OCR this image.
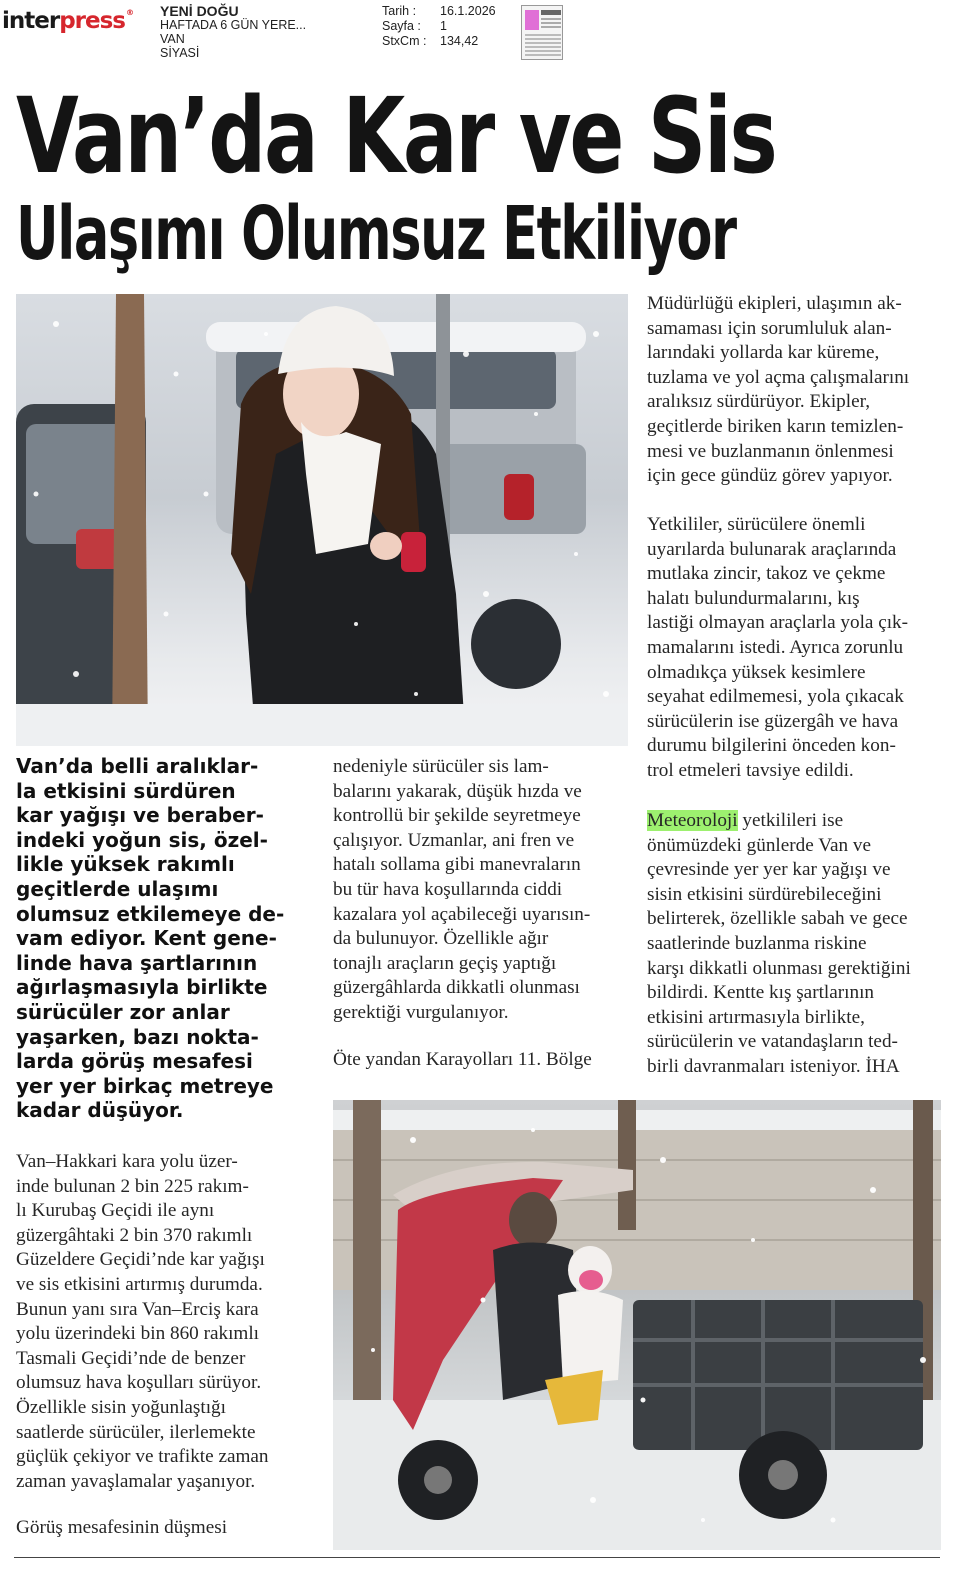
interpress® YENİ DOĞU
HAFTADA 6 GÜN YERE...
VAN
SİYASİ
Tarih :	16.1.2026
Sayfa :	1
StxCm :	134,42
Van’da Kar ve Sis
Ulaşımı Olumsuz Etkiliyor
Van’da belli aralıklar-
la etkisini sürdüren
kar yağışı ve beraber-
indeki yoğun sis, özel-
likle yüksek rakımlı
geçitlerde ulaşımı
olumsuz etkilemeye de-
vam ediyor. Kent gene-
linde hava şartlarının
ağırlaşmasıyla birlikte
sürücüler zor anlar
yaşarken, bazı nokta-
larda görüş mesafesi
yer yer birkaç metreye
kadar düşüyor.
Van–Hakkari kara yolu üzer-
inde bulunan 2 bin 225 rakım-
lı Kurubaş Geçidi ile aynı
güzergâhtaki 2 bin 370 rakımlı
Güzeldere Geçidi’nde kar yağışı
ve sis etkisini artırmış durumda.
Bunun yanı sıra Van–Erciş kara
yolu üzerindeki bin 860 rakımlı
Tasmali Geçidi’nde de benzer
olumsuz hava koşulları sürüyor.
Özellikle sisin yoğunlaştığı
saatlerde sürücüler, ilerlemekte
güçlük çekiyor ve trafikte zaman
zaman yavaşlamalar yaşanıyor.
Görüş mesafesinin düşmesi
nedeniyle sürücüler sis lam-
balarını yakarak, düşük hızda ve
kontrollü bir şekilde seyretmeye
çalışıyor. Uzmanlar, ani fren ve
hatalı sollama gibi manevraların
bu tür hava koşullarında ciddi
kazalara yol açabileceği uyarısın-
da bulunuyor. Özellikle ağır
tonajlı araçların geçiş yaptığı
güzergâhlarda dikkatli olunması
gerektiği vurgulanıyor.
Öte yandan Karayolları 11. Bölge
Müdürlüğü ekipleri, ulaşımın ak-
samaması için sorumluluk alan-
larındaki yollarda kar küreme,
tuzlama ve yol açma çalışmalarını
aralıksız sürdürüyor. Ekipler,
geçitlerde biriken karın temizlen-
mesi ve buzlanmanın önlenmesi
için gece gündüz görev yapıyor.
Yetkililer, sürücülere önemli
uyarılarda bulunarak araçlarında
mutlaka zincir, takoz ve çekme
halatı bulundurmalarını, kış
lastiği olmayan araçlarla yola çık-
mamalarını istedi. Ayrıca zorunlu
olmadıkça yüksek kesimlere
seyahat edilmemesi, yola çıkacak
sürücülerin ise güzergâh ve hava
durumu bilgilerini önceden kon-
trol etmeleri tavsiye edildi.
Meteoroloji yetkilileri ise
önümüzdeki günlerde Van ve
çevresinde yer yer kar yağışı ve
sisin etkisini sürdürebileceğini
belirterek, özellikle sabah ve gece
saatlerinde buzlanma riskine
karşı dikkatli olunması gerektiğini
bildirdi. Kentte kış şartlarının
etkisini artırmasıyla birlikte,
sürücülerin ve vatandaşların ted-
birli davranmaları isteniyor. İHA
